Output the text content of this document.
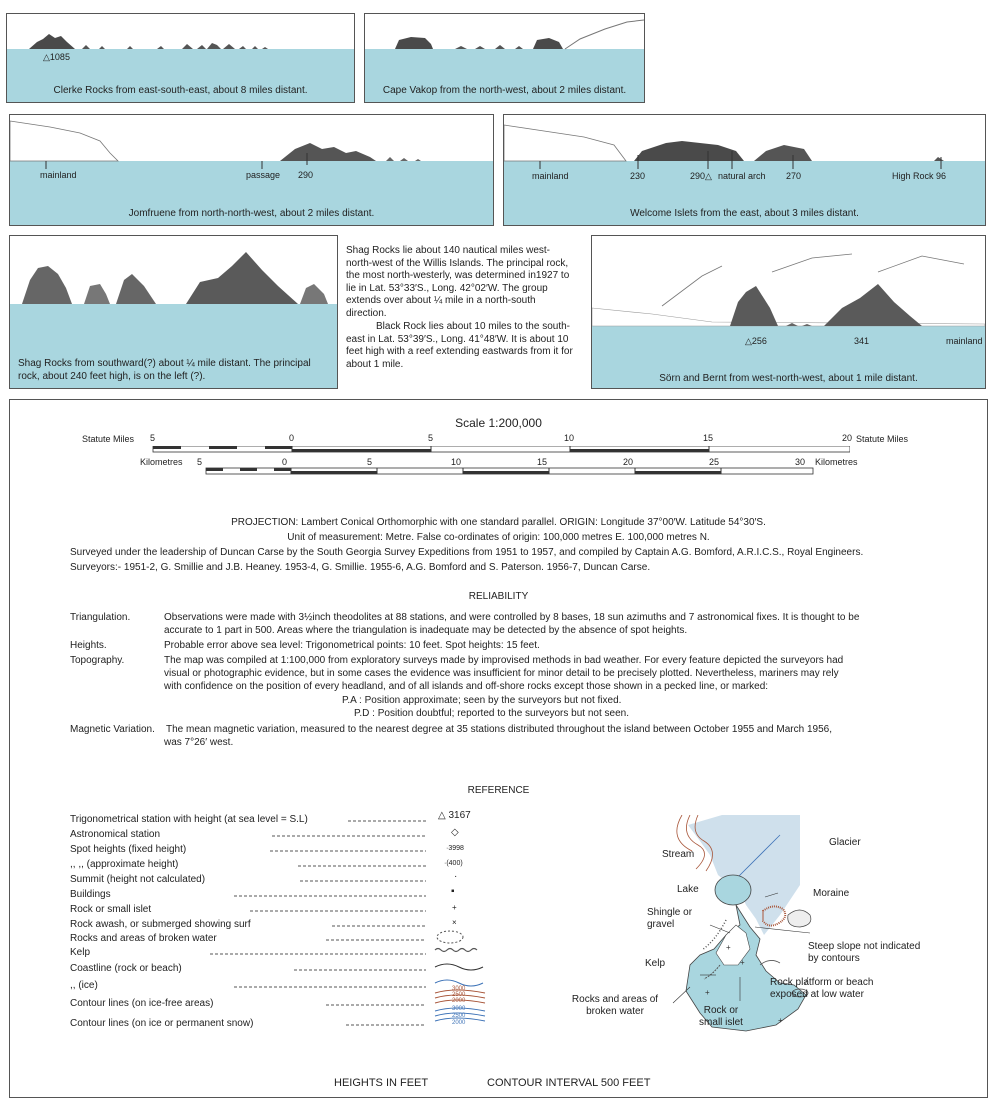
△1085
Clerke Rocks from east-south-east, about 8 miles distant.	Cape Vakop from the north-west, about 2 miles distant.
mainland	passage 290
Jomfruene from north-north-west, about 2 miles distant.
mainland	230	290△ natural arch 270	High Rock 96
Welcome Islets from the east, about 3 miles distant.
Shag Rocks from southward(?) about ¼ mile distant. The principal rock, about 240 feet high, is on the left (?).
Shag Rocks lie about 140 nautical miles west-north-west of the Willis Islands. The principal rock, the most north-westerly, was determined in1927 to lie in Lat. 53°33′S., Long. 42°02′W. The group extends over about ¼ mile in a north-south direction.
Black Rock lies about 10 miles to the south-east in Lat. 53°39′S., Long. 41°48′W. It is about 10 feet high with a reef extending eastwards from it for about 1 mile.
△256	341	mainland
Sörn and Bernt from west-north-west, about 1 mile distant.
Scale 1:200,000
Statute Miles	Statute Miles
Kilometres	Kilometres
5	0	5	10	15	20
5	0	5	10	15	20	25	30
PROJECTION: Lambert Conical Orthomorphic with one standard parallel. ORIGIN: Longitude 37°00′W. Latitude 54°30′S.
Unit of measurement: Metre. False co-ordinates of origin: 100,000 metres E. 100,000 metres N.
Surveyed under the leadership of Duncan Carse by the South Georgia Survey Expeditions from 1951 to 1957, and compiled by Captain A.G. Bomford, A.R.I.C.S., Royal Engineers.
Surveyors:- 1951-2, G. Smillie and J.B. Heaney. 1953-4, G. Smillie. 1955-6, A.G. Bomford and S. Paterson. 1956-7, Duncan Carse.
RELIABILITY
Triangulation.	Observations were made with 3½inch theodolites at 88 stations, and were controlled by 8 bases, 18 sun azimuths and 7 astronomical fixes. It is thought to be
accurate to 1 part in 500. Areas where the triangulation is inadequate may be detected by the absence of spot heights.
Heights.	Probable error above sea level: Trigonometrical points: 10 feet. Spot heights: 15 feet.
Topography.	The map was compiled at 1:100,000 from exploratory surveys made by improvised methods in bad weather. For every feature depicted the surveyors had
visual or photographic evidence, but in some cases the evidence was insufficient for minor detail to be precisely plotted. Nevertheless, mariners may rely
with confidence on the position of every headland, and of all islands and off-shore rocks except those shown in a pecked line, or marked:
P.A : Position approximate; seen by the surveyors but not fixed.
P.D : Position doubtful; reported to the surveyors but not seen.
Magnetic Variation. The mean magnetic variation, measured to the nearest degree at 35 stations distributed throughout the island between October 1955 and March 1956,
was 7°26′ west.
REFERENCE
Trigonometrical station with height (at sea level = S.L)	△ 3167
Astronomical station	◇
Spot heights (fixed height)	·3998
,, ,, (approximate height)	·(400)
Summit (height not calculated)	·
Buildings	▪
Rock or small islet	+
Rock awash, or submerged showing surf	×
Rocks and areas of broken water
Kelp
Coastline (rock or beach)
,, (ice)
Contour lines (on ice-free areas)
Contour lines (on ice or permanent snow)
3000
2500
2000
3000
2500
2000
+
+
+
+
Glacier
Stream
Lake	Moraine
Shingle or gravel
Steep slope not indicated by contours
Kelp
Rock platform or beach exposed at low water
Rocks and areas of broken water	Rock or small islet
HEIGHTS IN FEET	CONTOUR INTERVAL 500 FEET
